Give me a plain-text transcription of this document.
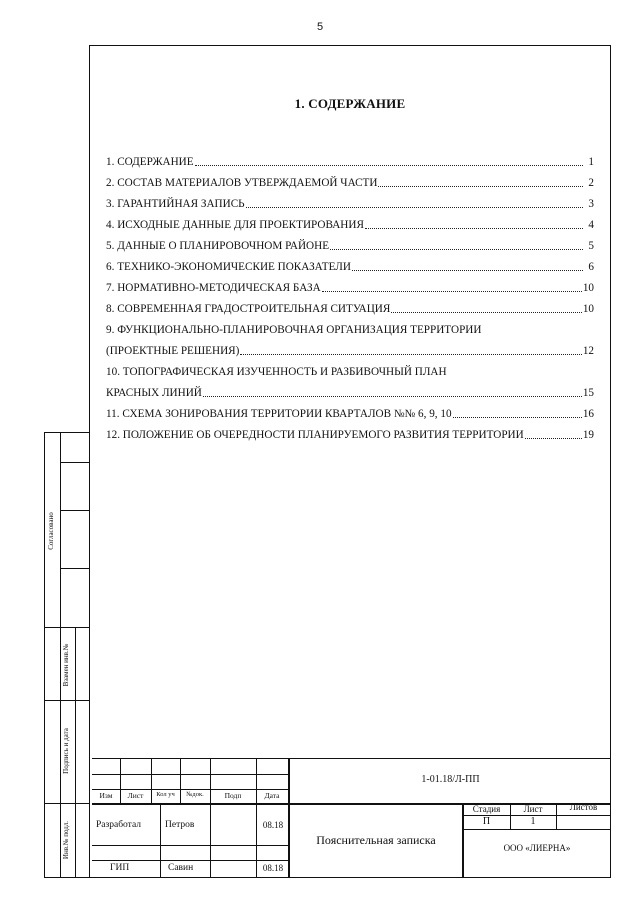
5
1. СОДЕРЖАНИЕ
1. СОДЕРЖАНИЕ	1
2. СОСТАВ МАТЕРИАЛОВ УТВЕРЖДАЕМОЙ ЧАСТИ	2
3. ГАРАНТИЙНАЯ ЗАПИСЬ	3
4. ИСХОДНЫЕ ДАННЫЕ ДЛЯ ПРОЕКТИРОВАНИЯ	4
5. ДАННЫЕ О ПЛАНИРОВОЧНОМ РАЙОНЕ	5
6. ТЕХНИКО-ЭКОНОМИЧЕСКИЕ ПОКАЗАТЕЛИ	6
7. НОРМАТИВНО-МЕТОДИЧЕСКАЯ БАЗА	10
8. СОВРЕМЕННАЯ ГРАДОСТРОИТЕЛЬНАЯ СИТУАЦИЯ	10
9. ФУНКЦИОНАЛЬНО-ПЛАНИРОВОЧНАЯ ОРГАНИЗАЦИЯ ТЕРРИТОРИИ
(ПРОЕКТНЫЕ РЕШЕНИЯ)	12
10. ТОПОГРАФИЧЕСКАЯ ИЗУЧЕННОСТЬ И РАЗБИВОЧНЫЙ ПЛАН
КРАСНЫХ ЛИНИЙ	15
11. СХЕМА ЗОНИРОВАНИЯ ТЕРРИТОРИИ КВАРТАЛОВ №№ 6, 9, 10	16
12. ПОЛОЖЕНИЕ ОБ ОЧЕРЕДНОСТИ ПЛАНИРУЕМОГО РАЗВИТИЯ ТЕРРИТОРИИ	19
Согласовано
Взамен инв.№
Подпись и дата
Инв.№ подл.
Изм	Лист	Кол уч	№док.	Подп	Дата
1-01.18/Л-ПП
Разработал	Петров	08.18
ГИП	Савин	08.18
Пояснительная записка
Стадия	Лист	Листов
П	1
ООО «ЛИЕРНА»
